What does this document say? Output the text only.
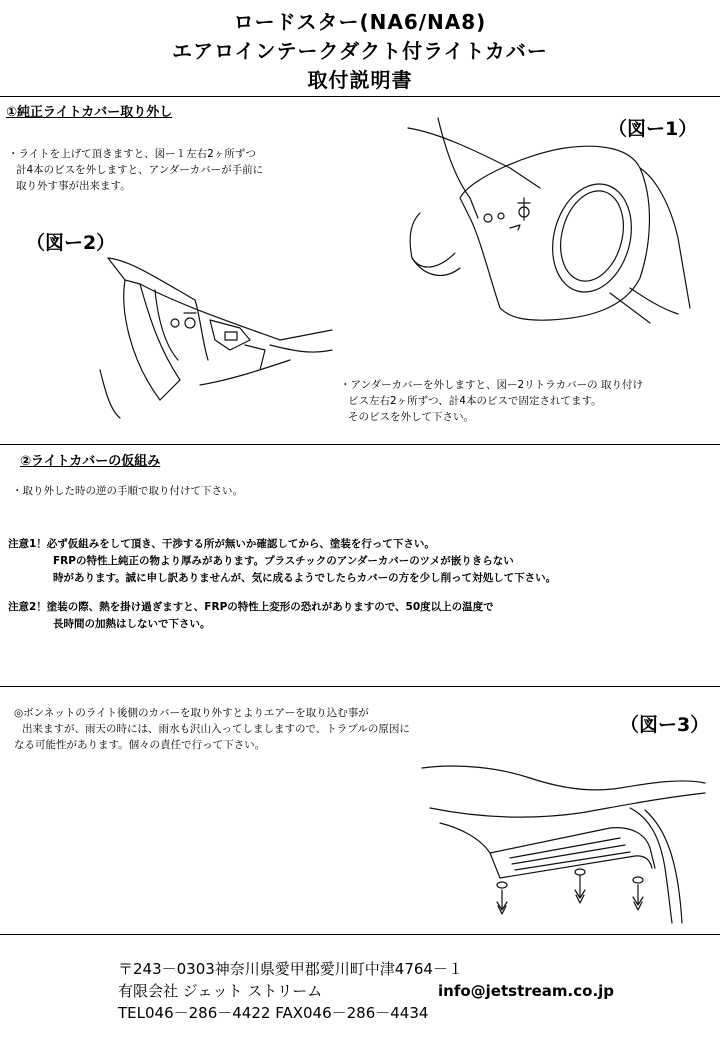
ロードスター(NA6/NA8)
エアロインテークダクト付ライトカバー
取付説明書
①純正ライトカバー取り外し
・ライトを上げて頂きますと、図ー１左右2ヶ所ずつ
計4本のビスを外しますと、アンダーカバーが手前に
取り外す事が出来ます。
（図ー1）
（図ー2）
・アンダーカバーを外しますと、図ー2リトラカバーの 取り付け
ビス左右2ヶ所ずつ、計4本のビスで固定されてます。
そのビスを外して下さい。
②ライトカバーの仮組み
・取り外した時の逆の手順で取り付けて下さい。
注意1！必ず仮組みをして頂き、干渉する所が無いか確認してから、塗装を行って下さい。
FRPの特性上純正の物より厚みがあります。プラスチックのアンダーカバーのツメが嵌りきらない
時があります。誠に申し訳ありませんが、気に成るようでしたらカバーの方を少し削って対処して下さい。
注意2！塗装の際、熱を掛け過ぎますと、FRPの特性上変形の恐れがありますので、50度以上の温度で
長時間の加熱はしないで下さい。
◎ボンネットのライト後側のカバーを取り外すとよりエアーを取り込む事が
出来ますが、雨天の時には、雨水も沢山入ってしましますので、トラブルの原因に
なる可能性があります。個々の責任で行って下さい。
（図ー3）
〒243－0303神奈川県愛甲郡愛川町中津4764－１
有限会社 ジェット ストリーム	info@jetstream.co.jp
TEL046－286－4422 FAX046－286－4434
